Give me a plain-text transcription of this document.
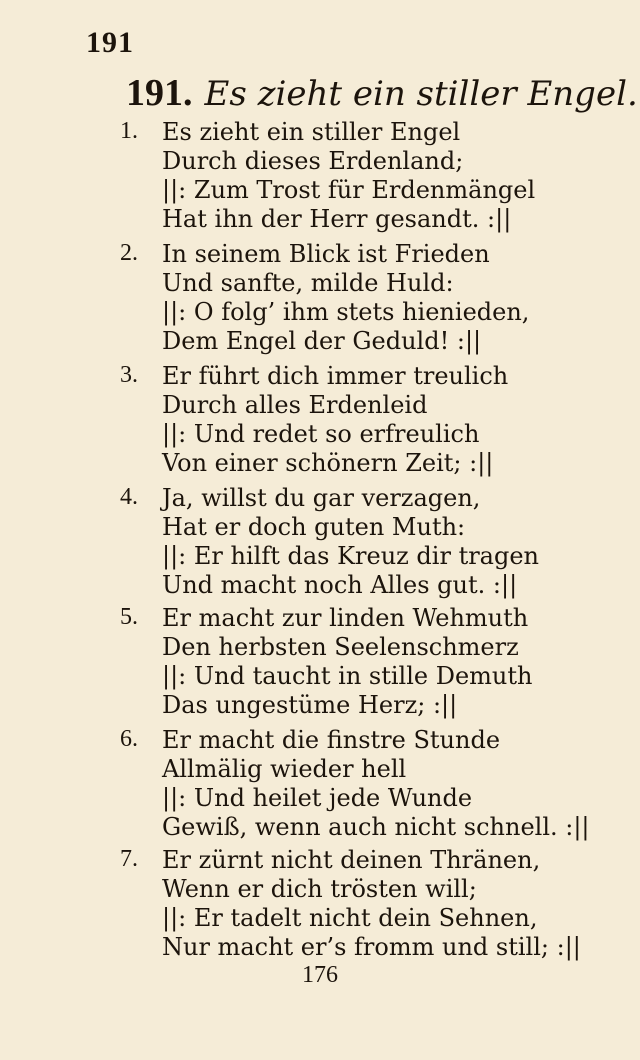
191
191. Es zieht ein stiller Engel.
1.	Es zieht ein stiller Engel
Durch dieses Erdenland;
||: Zum Trost für Erdenmängel
Hat ihn der Herr gesandt. :||
2.	In seinem Blick ist Frieden
Und sanfte, milde Huld:
||: O folg’ ihm stets hienieden,
Dem Engel der Geduld! :||
3.	Er führt dich immer treulich
Durch alles Erdenleid
||: Und redet so erfreulich
Von einer schönern Zeit; :||
4.	Ja, willst du gar verzagen,
Hat er doch guten Muth:
||: Er hilft das Kreuz dir tragen
Und macht noch Alles gut. :||
5.	Er macht zur linden Wehmuth
Den herbsten Seelenschmerz
||: Und taucht in stille Demuth
Das ungestüme Herz; :||
6.	Er macht die finstre Stunde
Allmälig wieder hell
||: Und heilet jede Wunde
Gewiß, wenn auch nicht schnell. :||
7.	Er zürnt nicht deinen Thränen,
Wenn er dich trösten will;
||: Er tadelt nicht dein Sehnen,
Nur macht er’s fromm und still; :||
176
